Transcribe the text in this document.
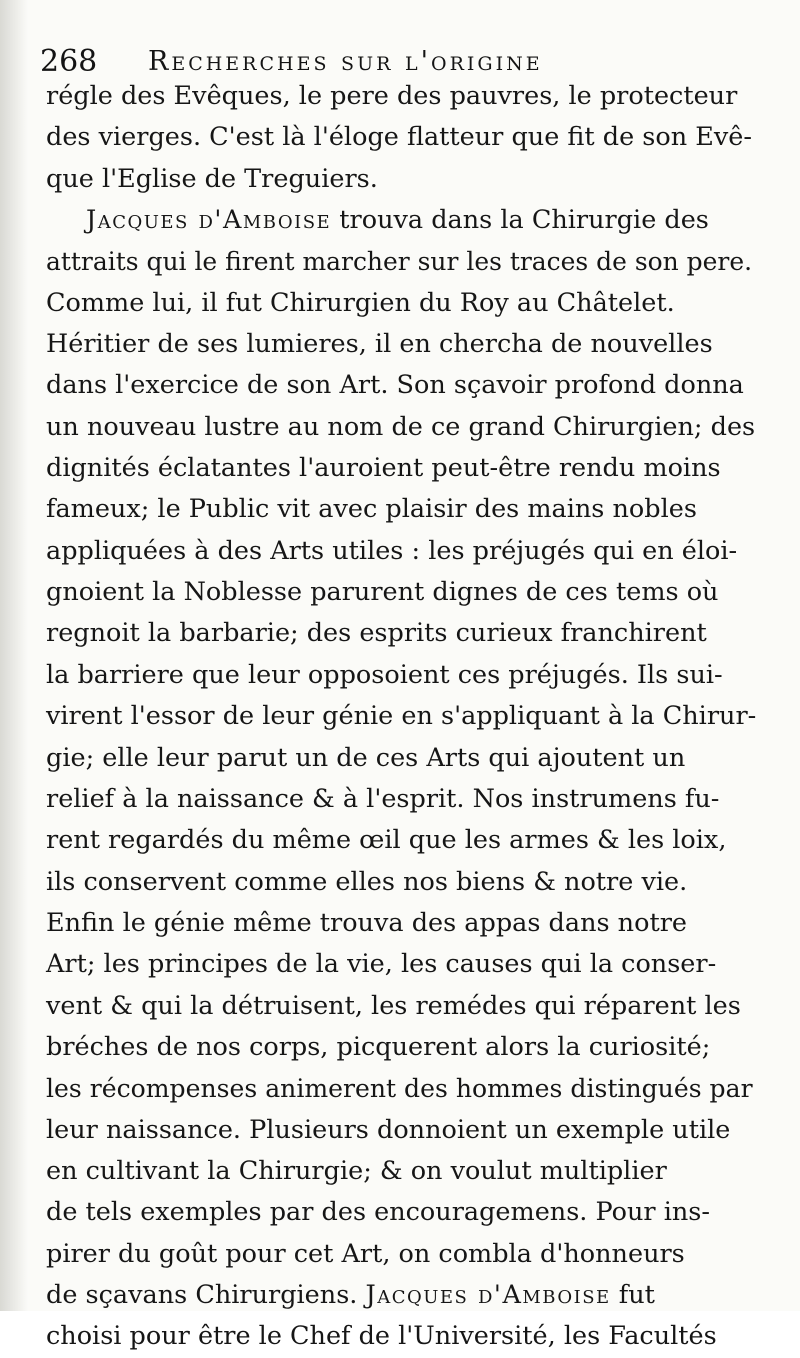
268 Recherches sur l'origine
régle des Evêques, le pere des pauvres, le protecteur
des vierges. C'est là l'éloge flatteur que fit de son Evê-
que l'Eglise de Treguiers.
Jacques d'Amboise trouva dans la Chirurgie des
attraits qui le firent marcher sur les traces de son pere.
Comme lui, il fut Chirurgien du Roy au Châtelet.
Héritier de ses lumieres, il en chercha de nouvelles
dans l'exercice de son Art. Son sçavoir profond donna
un nouveau lustre au nom de ce grand Chirurgien; des
dignités éclatantes l'auroient peut-être rendu moins
fameux; le Public vit avec plaisir des mains nobles
appliquées à des Arts utiles : les préjugés qui en éloi-
gnoient la Noblesse parurent dignes de ces tems où
regnoit la barbarie; des esprits curieux franchirent
la barriere que leur opposoient ces préjugés. Ils sui-
virent l'essor de leur génie en s'appliquant à la Chirur-
gie; elle leur parut un de ces Arts qui ajoutent un
relief à la naissance & à l'esprit. Nos instrumens fu-
rent regardés du même œil que les armes & les loix,
ils conservent comme elles nos biens & notre vie.
Enfin le génie même trouva des appas dans notre
Art; les principes de la vie, les causes qui la conser-
vent & qui la détruisent, les remédes qui réparent les
bréches de nos corps, picquerent alors la curiosité;
les récompenses animerent des hommes distingués par
leur naissance. Plusieurs donnoient un exemple utile
en cultivant la Chirurgie; & on voulut multiplier
de tels exemples par des encouragemens. Pour ins-
pirer du goût pour cet Art, on combla d'honneurs
de sçavans Chirurgiens. Jacques d'Amboise fut
choisi pour être le Chef de l'Université, les Facultés
